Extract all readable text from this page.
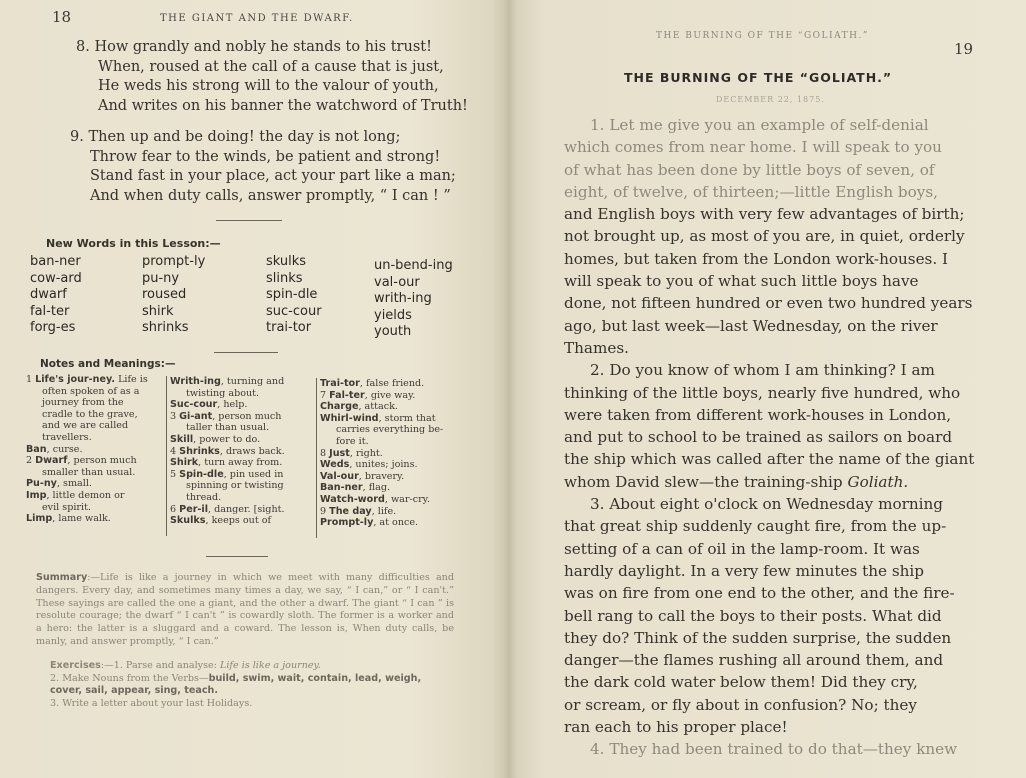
18	THE GIANT AND THE DWARF.
8. How grandly and nobly he stands to his trust!
When, roused at the call of a cause that is just,
He weds his strong will to the valour of youth,
And writes on his banner the watchword of Truth!
9. Then up and be doing! the day is not long;
Throw fear to the winds, be patient and strong!
Stand fast in your place, act your part like a man;
And when duty calls, answer promptly, “ I can ! ”
New Words in this Lesson:—
ban-ner
cow-ard
dwarf
fal-ter
forg-es
prompt-ly
pu-ny
roused
shirk
shrinks
skulks
slinks
spin-dle
suc-cour
trai-tor
un-bend-ing
val-our
writh-ing
yields
youth
Notes and Meanings:—
1 Life's jour-ney. Life is
often spoken of as a
journey from the
cradle to the grave,
and we are called
travellers.
Ban, curse.
2 Dwarf, person much
smaller than usual.
Pu-ny, small.
Imp, little demon or
evil spirit.
Limp, lame walk.
Writh-ing, turning and
twisting about.
Suc-cour, help.
3 Gi-ant, person much
taller than usual.
Skill, power to do.
4 Shrinks, draws back.
Shirk, turn away from.
5 Spin-dle, pin used in
spinning or twisting
thread.
6 Per-il, danger. [sight.
Skulks, keeps out of
Trai-tor, false friend.
7 Fal-ter, give way.
Charge, attack.
Whirl-wind, storm that
carries everything be-
fore it.
8 Just, right.
Weds, unites; joins.
Val-our, bravery.
Ban-ner, flag.
Watch-word, war-cry.
9 The day, life.
Prompt-ly, at once.
Summary:—Life is like a journey in which we meet with many difficulties and dangers. Every day, and sometimes many times a day, we say, “ I can,” or “ I can't.” These sayings are called the one a giant, and the other a dwarf. The giant “ I can ” is resolute courage; the dwarf “ I can't ” is cowardly sloth. The former is a worker and a hero: the latter is a sluggard and a coward. The lesson is, When duty calls, be manly, and answer promptly, “ I can.”
Exercises:—1. Parse and analyse: Life is like a journey.
2. Make Nouns from the Verbs—build, swim, wait, contain, lead, weigh, cover, sail, appear, sing, teach.
3. Write a letter about your last Holidays.
THE BURNING OF THE “GOLIATH.”
19
THE BURNING OF THE “GOLIATH.”
DECEMBER 22, 1875.
1. Let me give you an example of self-denial
which comes from near home. I will speak to you
of what has been done by little boys of seven, of
eight, of twelve, of thirteen;—little English boys,
and English boys with very few advantages of birth;
not brought up, as most of you are, in quiet, orderly
homes, but taken from the London work-houses. I
will speak to you of what such little boys have
done, not fifteen hundred or even two hundred years
ago, but last week—last Wednesday, on the river
Thames.
2. Do you know of whom I am thinking? I am
thinking of the little boys, nearly five hundred, who
were taken from different work-houses in London,
and put to school to be trained as sailors on board
the ship which was called after the name of the giant
whom David slew—the training-ship Goliath.
3. About eight o'clock on Wednesday morning
that great ship suddenly caught fire, from the up-
setting of a can of oil in the lamp-room. It was
hardly daylight. In a very few minutes the ship
was on fire from one end to the other, and the fire-
bell rang to call the boys to their posts. What did
they do? Think of the sudden surprise, the sudden
danger—the flames rushing all around them, and
the dark cold water below them! Did they cry,
or scream, or fly about in confusion? No; they
ran each to his proper place!
4. They had been trained to do that—they knew
